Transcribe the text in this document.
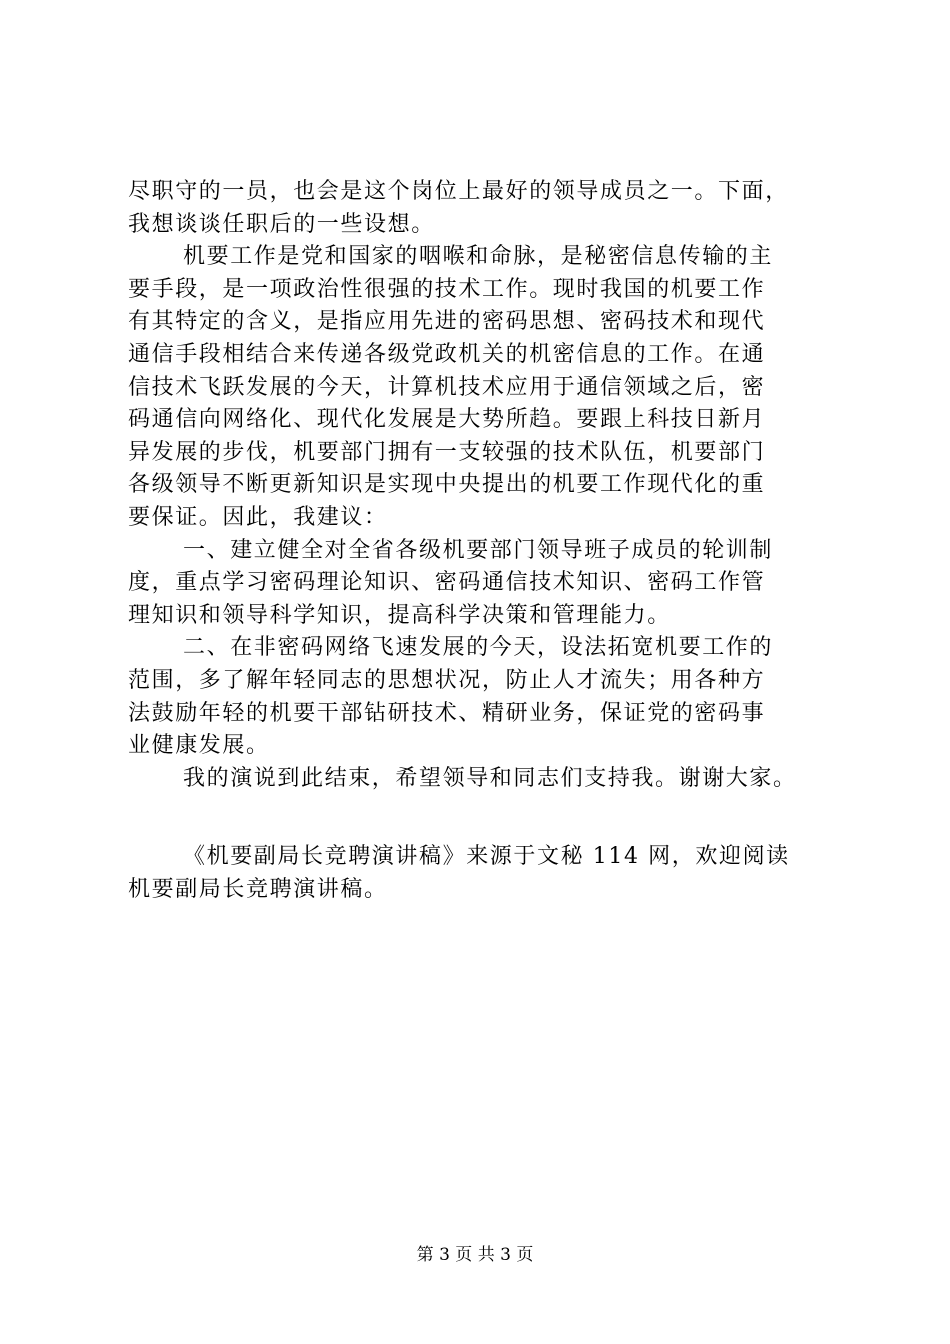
尽职守的一员，也会是这个岗位上最好的领导成员之一。下面，
我想谈谈任职后的一些设想。
机要工作是党和国家的咽喉和命脉，是秘密信息传输的主
要手段，是一项政治性很强的技术工作。现时我国的机要工作
有其特定的含义，是指应用先进的密码思想、密码技术和现代
通信手段相结合来传递各级党政机关的机密信息的工作。在通
信技术飞跃发展的今天，计算机技术应用于通信领域之后，密
码通信向网络化、现代化发展是大势所趋。要跟上科技日新月
异发展的步伐，机要部门拥有一支较强的技术队伍，机要部门
各级领导不断更新知识是实现中央提出的机要工作现代化的重
要保证。因此，我建议：
一、建立健全对全省各级机要部门领导班子成员的轮训制
度，重点学习密码理论知识、密码通信技术知识、密码工作管
理知识和领导科学知识，提高科学决策和管理能力。
二、在非密码网络飞速发展的今天，设法拓宽机要工作的
范围，多了解年轻同志的思想状况，防止人才流失；用各种方
法鼓励年轻的机要干部钻研技术、精研业务，保证党的密码事
业健康发展。
我的演说到此结束，希望领导和同志们支持我。谢谢大家。
《机要副局长竞聘演讲稿》来源于文秘 114 网，欢迎阅读
机要副局长竞聘演讲稿。
第 3 页 共 3 页
